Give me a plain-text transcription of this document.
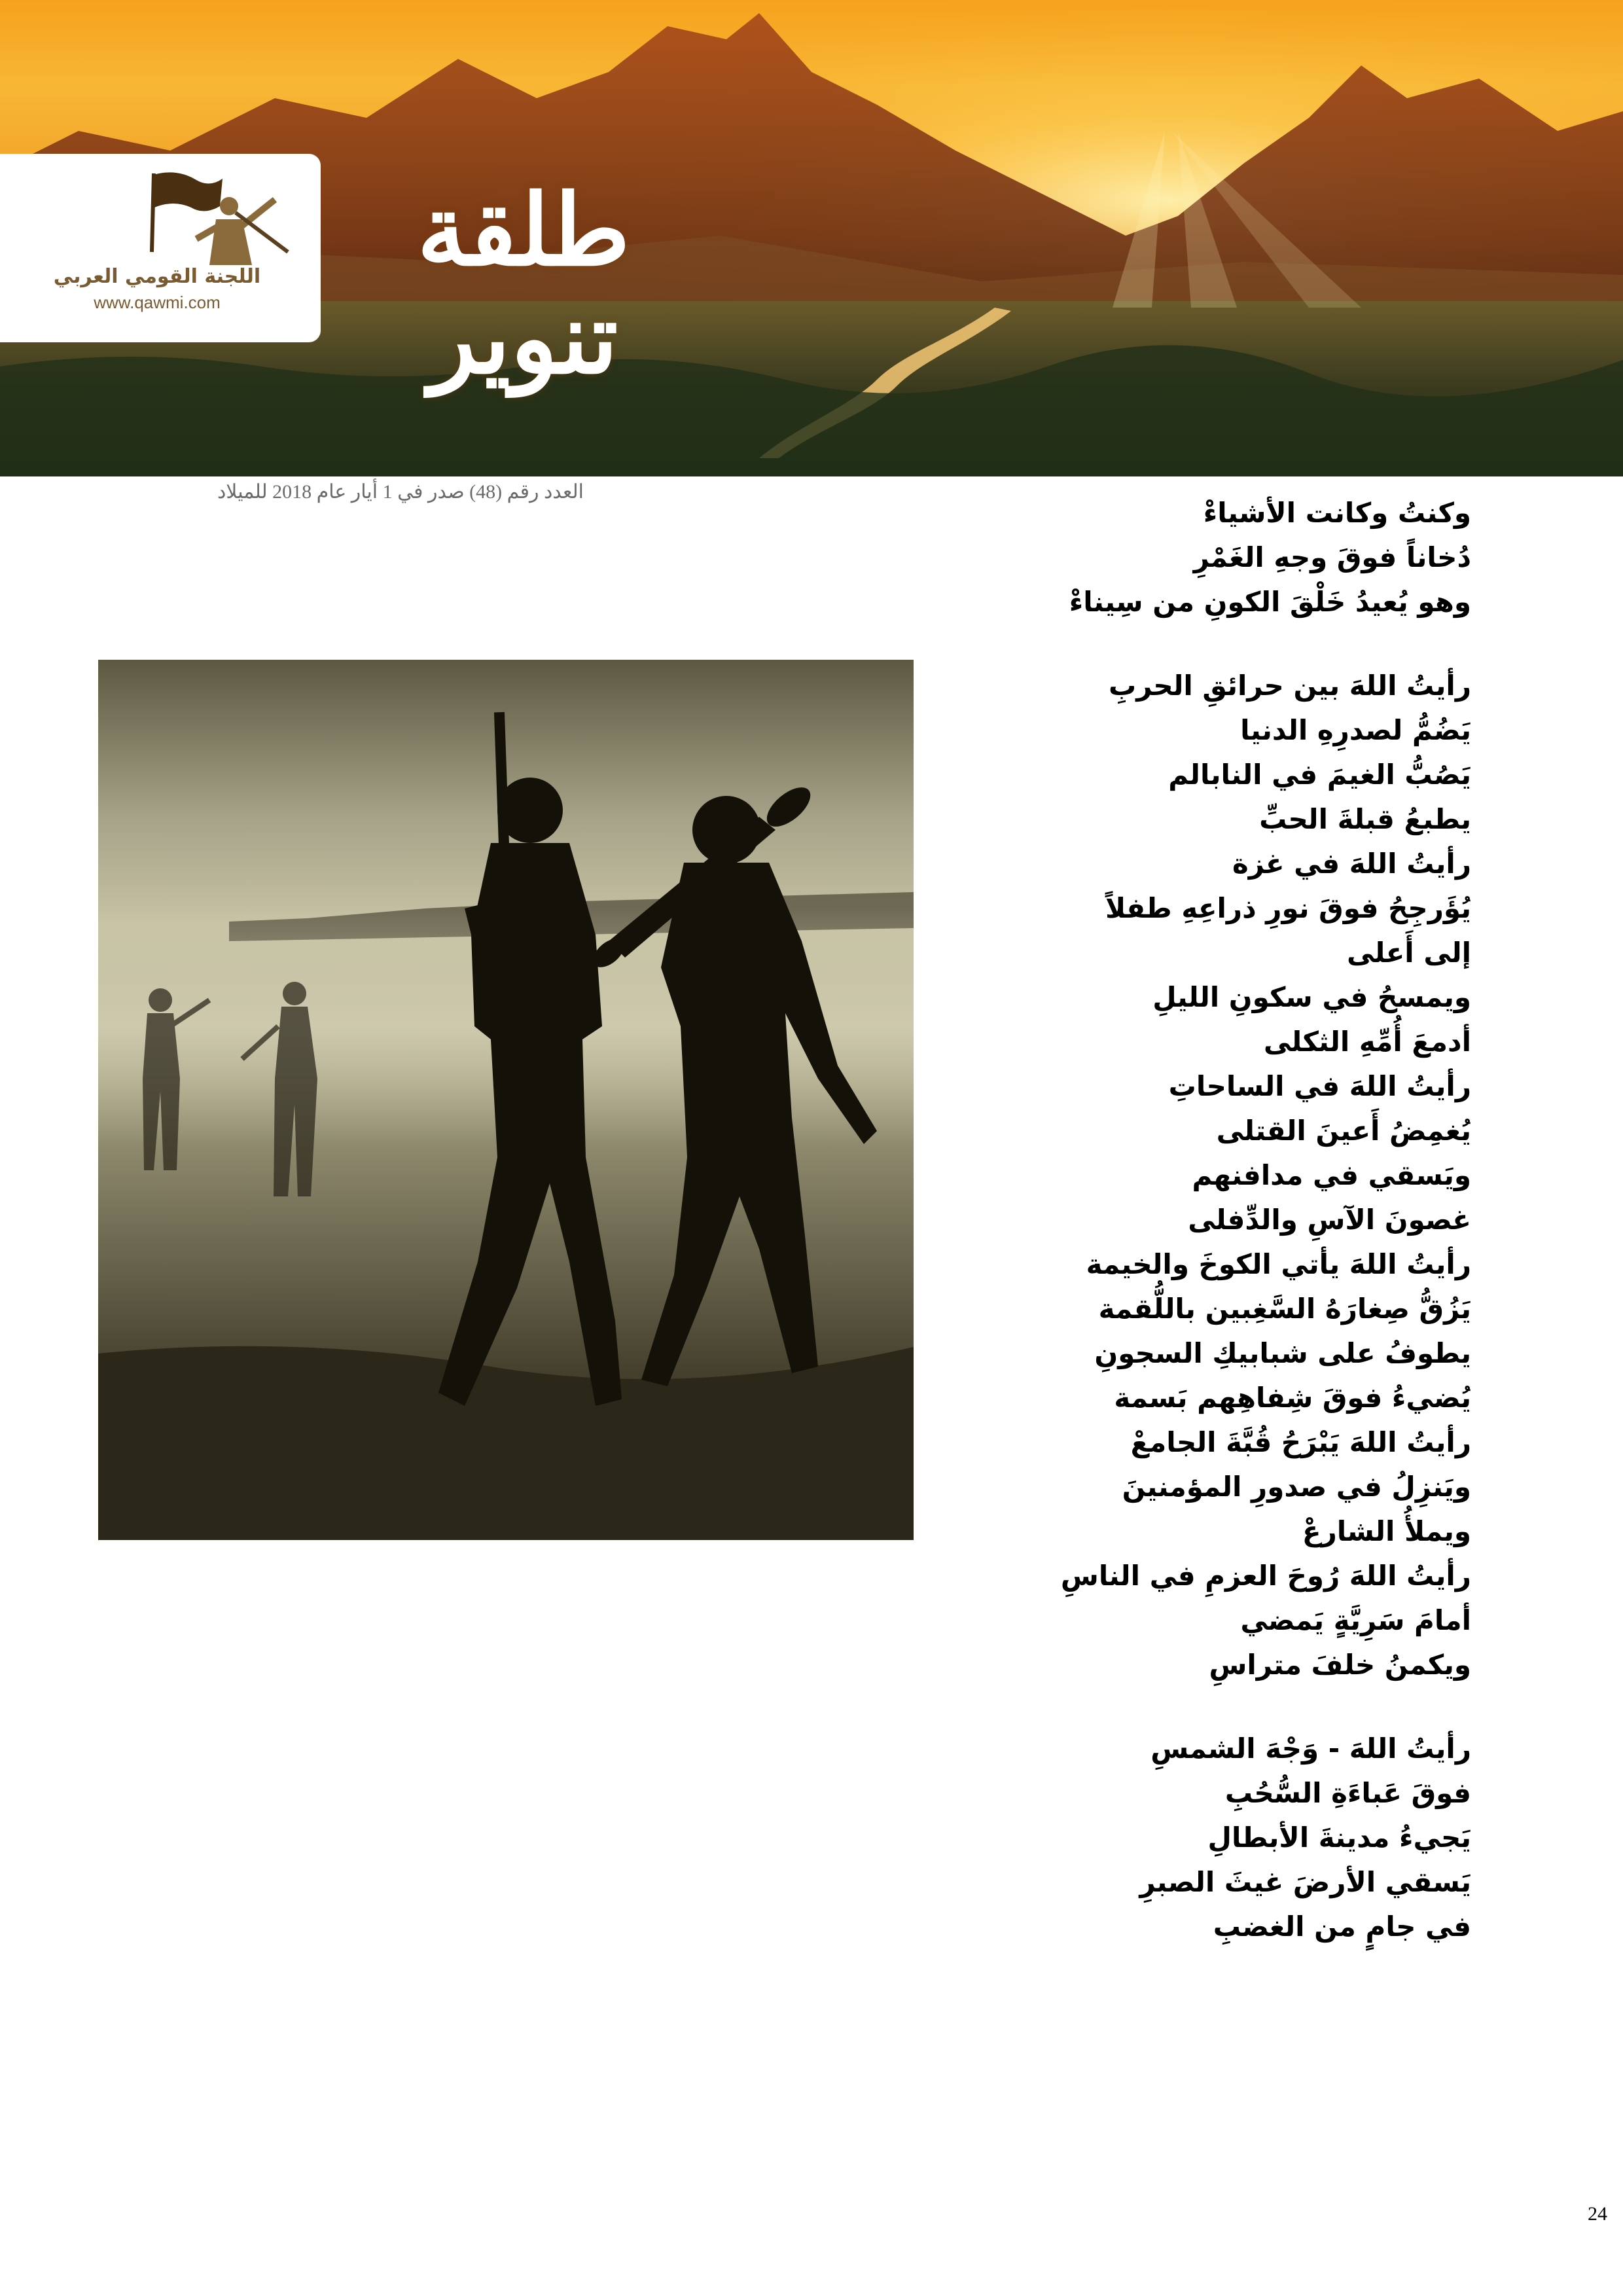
اللجنة القومي العربي
www.qawmi.com
طلقة تنوير
العدد رقم (48) صدر في 1 أيار عام 2018 للميلاد
وكنتُ وكانت الأشياءْ
دُخاناً فوقَ وجهِ الغَمْرِ
وهو يُعيدُ خَلْقَ الكونِ من سِيناءْ
رأيتُ اللهَ بين حرائقِ الحربِ
يَضُمُّ لصدرِهِ الدنيا
يَصُبُّ الغيمَ في النابالم
يطبعُ قبلةَ الحبِّ
رأيتُ اللهَ في غزة
يُؤَرجِحُ فوقَ نورِ ذراعِهِ طفلاً
إلى أَعلى
ويمسحُ في سكونِ الليلِ
أدمعَ أُمِّهِ الثكلى
رأيتُ اللهَ في الساحاتِ
يُغمِضُ أَعينَ القتلى
ويَسقي في مدافنهم
غصونَ الآسِ والدِّفلى
رأيتُ اللهَ يأتي الكوخَ والخيمة
يَزُقُّ صِغارَهُ السَّغِبين باللُّقمة
يطوفُ على شبابيكِ السجونِ
يُضيءُ فوقَ شِفاهِهم بَسمة
رأيتُ اللهَ يَبْرَحُ قُبَّةَ الجامعْ
ويَنزِلُ في صدورِ المؤمنينَ
ويملأُ الشارعْ
رأيتُ اللهَ رُوحَ العزمِ في الناسِ
أمامَ سَرِيَّةٍ يَمضي
ويكمنُ خلفَ متراسِ
رأيتُ اللهَ - وَجْهَ الشمسِ
فوقَ عَباءَةِ السُّحُبِ
يَجيءُ مدينةَ الأبطالِ
يَسقي الأرضَ غيثَ الصبرِ
في جامٍ من الغضبِ
24
